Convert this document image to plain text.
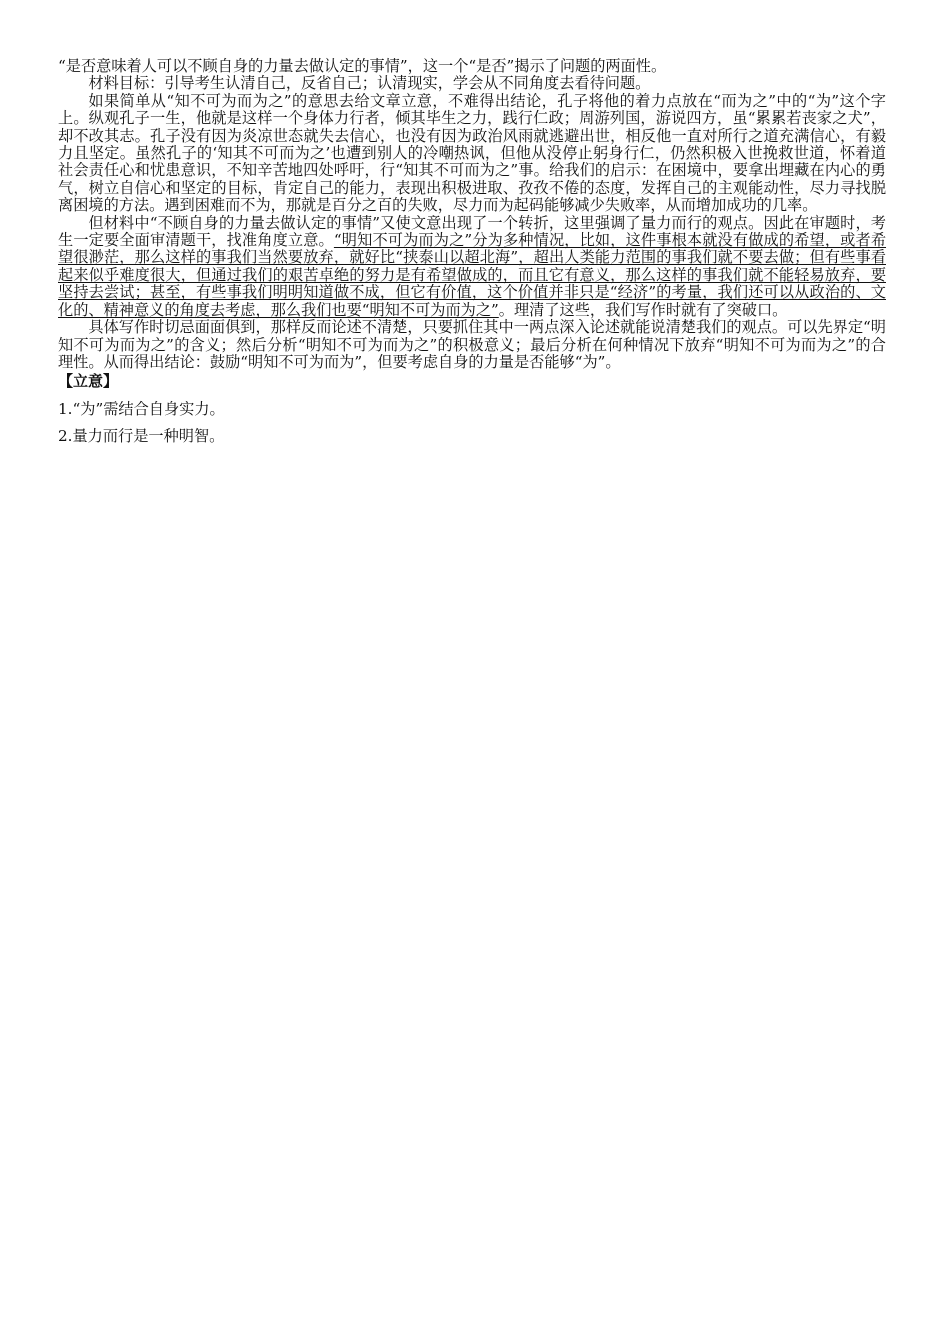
“是否意味着人可以不顾自身的力量去做认定的事情”，这一个“是否”揭示了问题的两面性。

材料目标：引导考生认清自己，反省自己；认清现实，学会从不同角度去看待问题。

如果简单从“知不可为而为之”的意思去给文章立意，不难得出结论，孔子将他的着力点放在“而为之”中的“为”这个字上。纵观孔子一生，他就是这样一个身体力行者，倾其毕生之力，践行仁政；周游列国，游说四方，虽“累累若丧家之犬”，却不改其志。孔子没有因为炎凉世态就失去信心，也没有因为政治风雨就逃避出世，相反他一直对所行之道充满信心，有毅力且坚定。虽然孔子的‘知其不可而为之’也遭到别人的冷嘲热讽，但他从没停止躬身行仁，仍然积极入世挽救世道，怀着道社会责任心和忧患意识，不知辛苦地四处呼吁，行“知其不可而为之”事。给我们的启示：在困境中，要拿出埋藏在内心的勇气，树立自信心和坚定的目标，肯定自己的能力，表现出积极进取、孜孜不倦的态度，发挥自己的主观能动性，尽力寻找脱离困境的方法。遇到困难而不为，那就是百分之百的失败，尽力而为起码能够减少失败率，从而增加成功的几率。

但材料中“不顾自身的力量去做认定的事情”又使文意出现了一个转折，这里强调了量力而行的观点。因此在审题时，考生一定要全面审清题干，找准角度立意。“明知不可为而为之”分为多种情况，比如，这件事根本就没有做成的希望，或者希望很渺茫，那么这样的事我们当然要放弃，就好比“挟泰山以超北海”，超出人类能力范围的事我们就不要去做；但有些事看起来似乎难度很大，但通过我们的艰苦卓绝的努力是有希望做成的，而且它有意义，那么这样的事我们就不能轻易放弃，要坚持去尝试；甚至，有些事我们明明知道做不成，但它有价值，这个价值并非只是“经济”的考量，我们还可以从政治的、文化的、精神意义的角度去考虑，那么我们也要“明知不可为而为之”。理清了这些，我们写作时就有了突破口。

具体写作时切忌面面俱到，那样反而论述不清楚，只要抓住其中一两点深入论述就能说清楚我们的观点。可以先界定“明知不可为而为之”的含义；然后分析“明知不可为而为之”的积极意义；最后分析在何种情况下放弃“明知不可为而为之”的合理性。从而得出结论：鼓励“明知不可为而为”，但要考虑自身的力量是否能够“为”。

【立意】

1.“为”需结合自身实力。

2.量力而行是一种明智。
